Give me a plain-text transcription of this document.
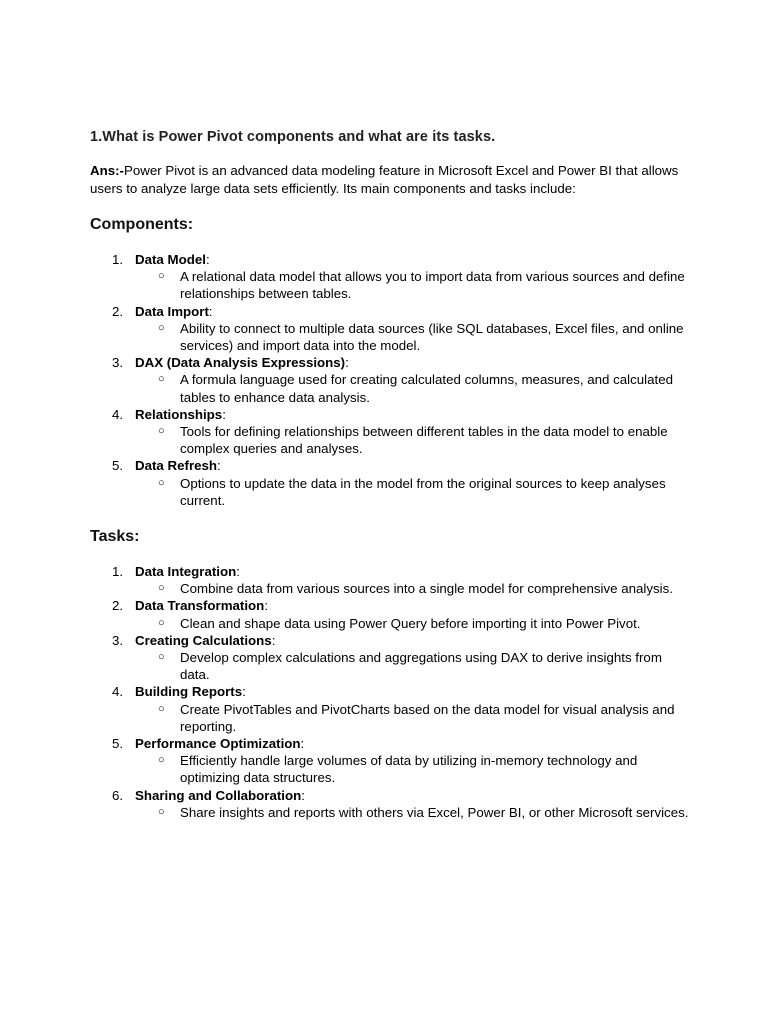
1.What is Power Pivot components and what are its tasks.

Ans:-Power Pivot is an advanced data modeling feature in Microsoft Excel and Power BI that allows users to analyze large data sets efficiently. Its main components and tasks include:

Components:
1. Data Model:
○ A relational data model that allows you to import data from various sources and define relationships between tables.
2. Data Import:
○ Ability to connect to multiple data sources (like SQL databases, Excel files, and online services) and import data into the model.
3. DAX (Data Analysis Expressions):
○ A formula language used for creating calculated columns, measures, and calculated tables to enhance data analysis.
4. Relationships:
○ Tools for defining relationships between different tables in the data model to enable complex queries and analyses.
5. Data Refresh:
○ Options to update the data in the model from the original sources to keep analyses current.
Tasks:
1. Data Integration:
○ Combine data from various sources into a single model for comprehensive analysis.
2. Data Transformation:
○ Clean and shape data using Power Query before importing it into Power Pivot.
3. Creating Calculations:
○ Develop complex calculations and aggregations using DAX to derive insights from data.
4. Building Reports:
○ Create PivotTables and PivotCharts based on the data model for visual analysis and reporting.
5. Performance Optimization:
○ Efficiently handle large volumes of data by utilizing in-memory technology and optimizing data structures.
6. Sharing and Collaboration:
○ Share insights and reports with others via Excel, Power BI, or other Microsoft services.
